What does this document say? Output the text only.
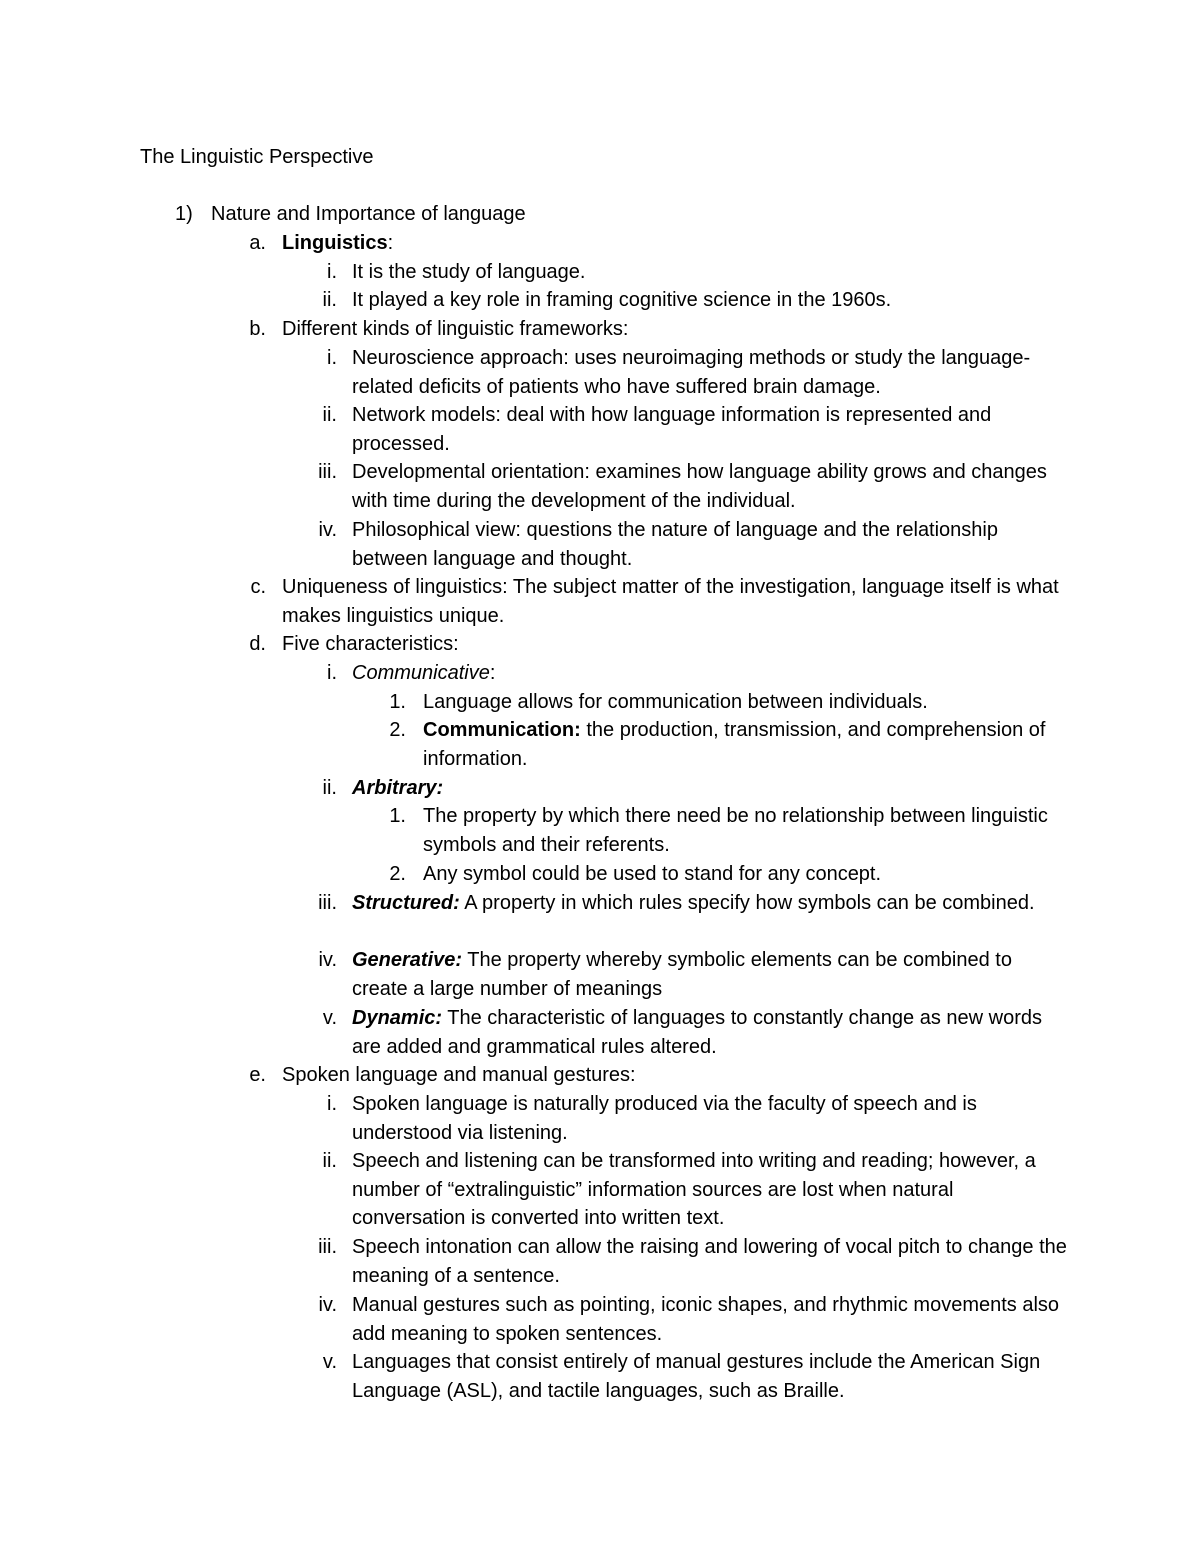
The Linguistic Perspective
1) Nature and Importance of language
a. Linguistics:
i. It is the study of language.
ii. It played a key role in framing cognitive science in the 1960s.
b. Different kinds of linguistic frameworks:
i. Neuroscience approach: uses neuroimaging methods or study the language-related deficits of patients who have suffered brain damage.
ii. Network models: deal with how language information is represented and processed.
iii. Developmental orientation: examines how language ability grows and changes with time during the development of the individual.
iv. Philosophical view: questions the nature of language and the relationship between language and thought.
c. Uniqueness of linguistics: The subject matter of the investigation, language itself is what makes linguistics unique.
d. Five characteristics:
i. Communicative:
1. Language allows for communication between individuals.
2. Communication: the production, transmission, and comprehension of information.
ii. Arbitrary:
1. The property by which there need be no relationship between linguistic symbols and their referents.
2. Any symbol could be used to stand for any concept.
iii. Structured: A property in which rules specify how symbols can be combined.
iv. Generative: The property whereby symbolic elements can be combined to create a large number of meanings
v. Dynamic: The characteristic of languages to constantly change as new words are added and grammatical rules altered.
e. Spoken language and manual gestures:
i. Spoken language is naturally produced via the faculty of speech and is understood via listening.
ii. Speech and listening can be transformed into writing and reading; however, a number of “extralinguistic” information sources are lost when natural conversation is converted into written text.
iii. Speech intonation can allow the raising and lowering of vocal pitch to change the meaning of a sentence.
iv. Manual gestures such as pointing, iconic shapes, and rhythmic movements also add meaning to spoken sentences.
v. Languages that consist entirely of manual gestures include the American Sign Language (ASL), and tactile languages, such as Braille.
